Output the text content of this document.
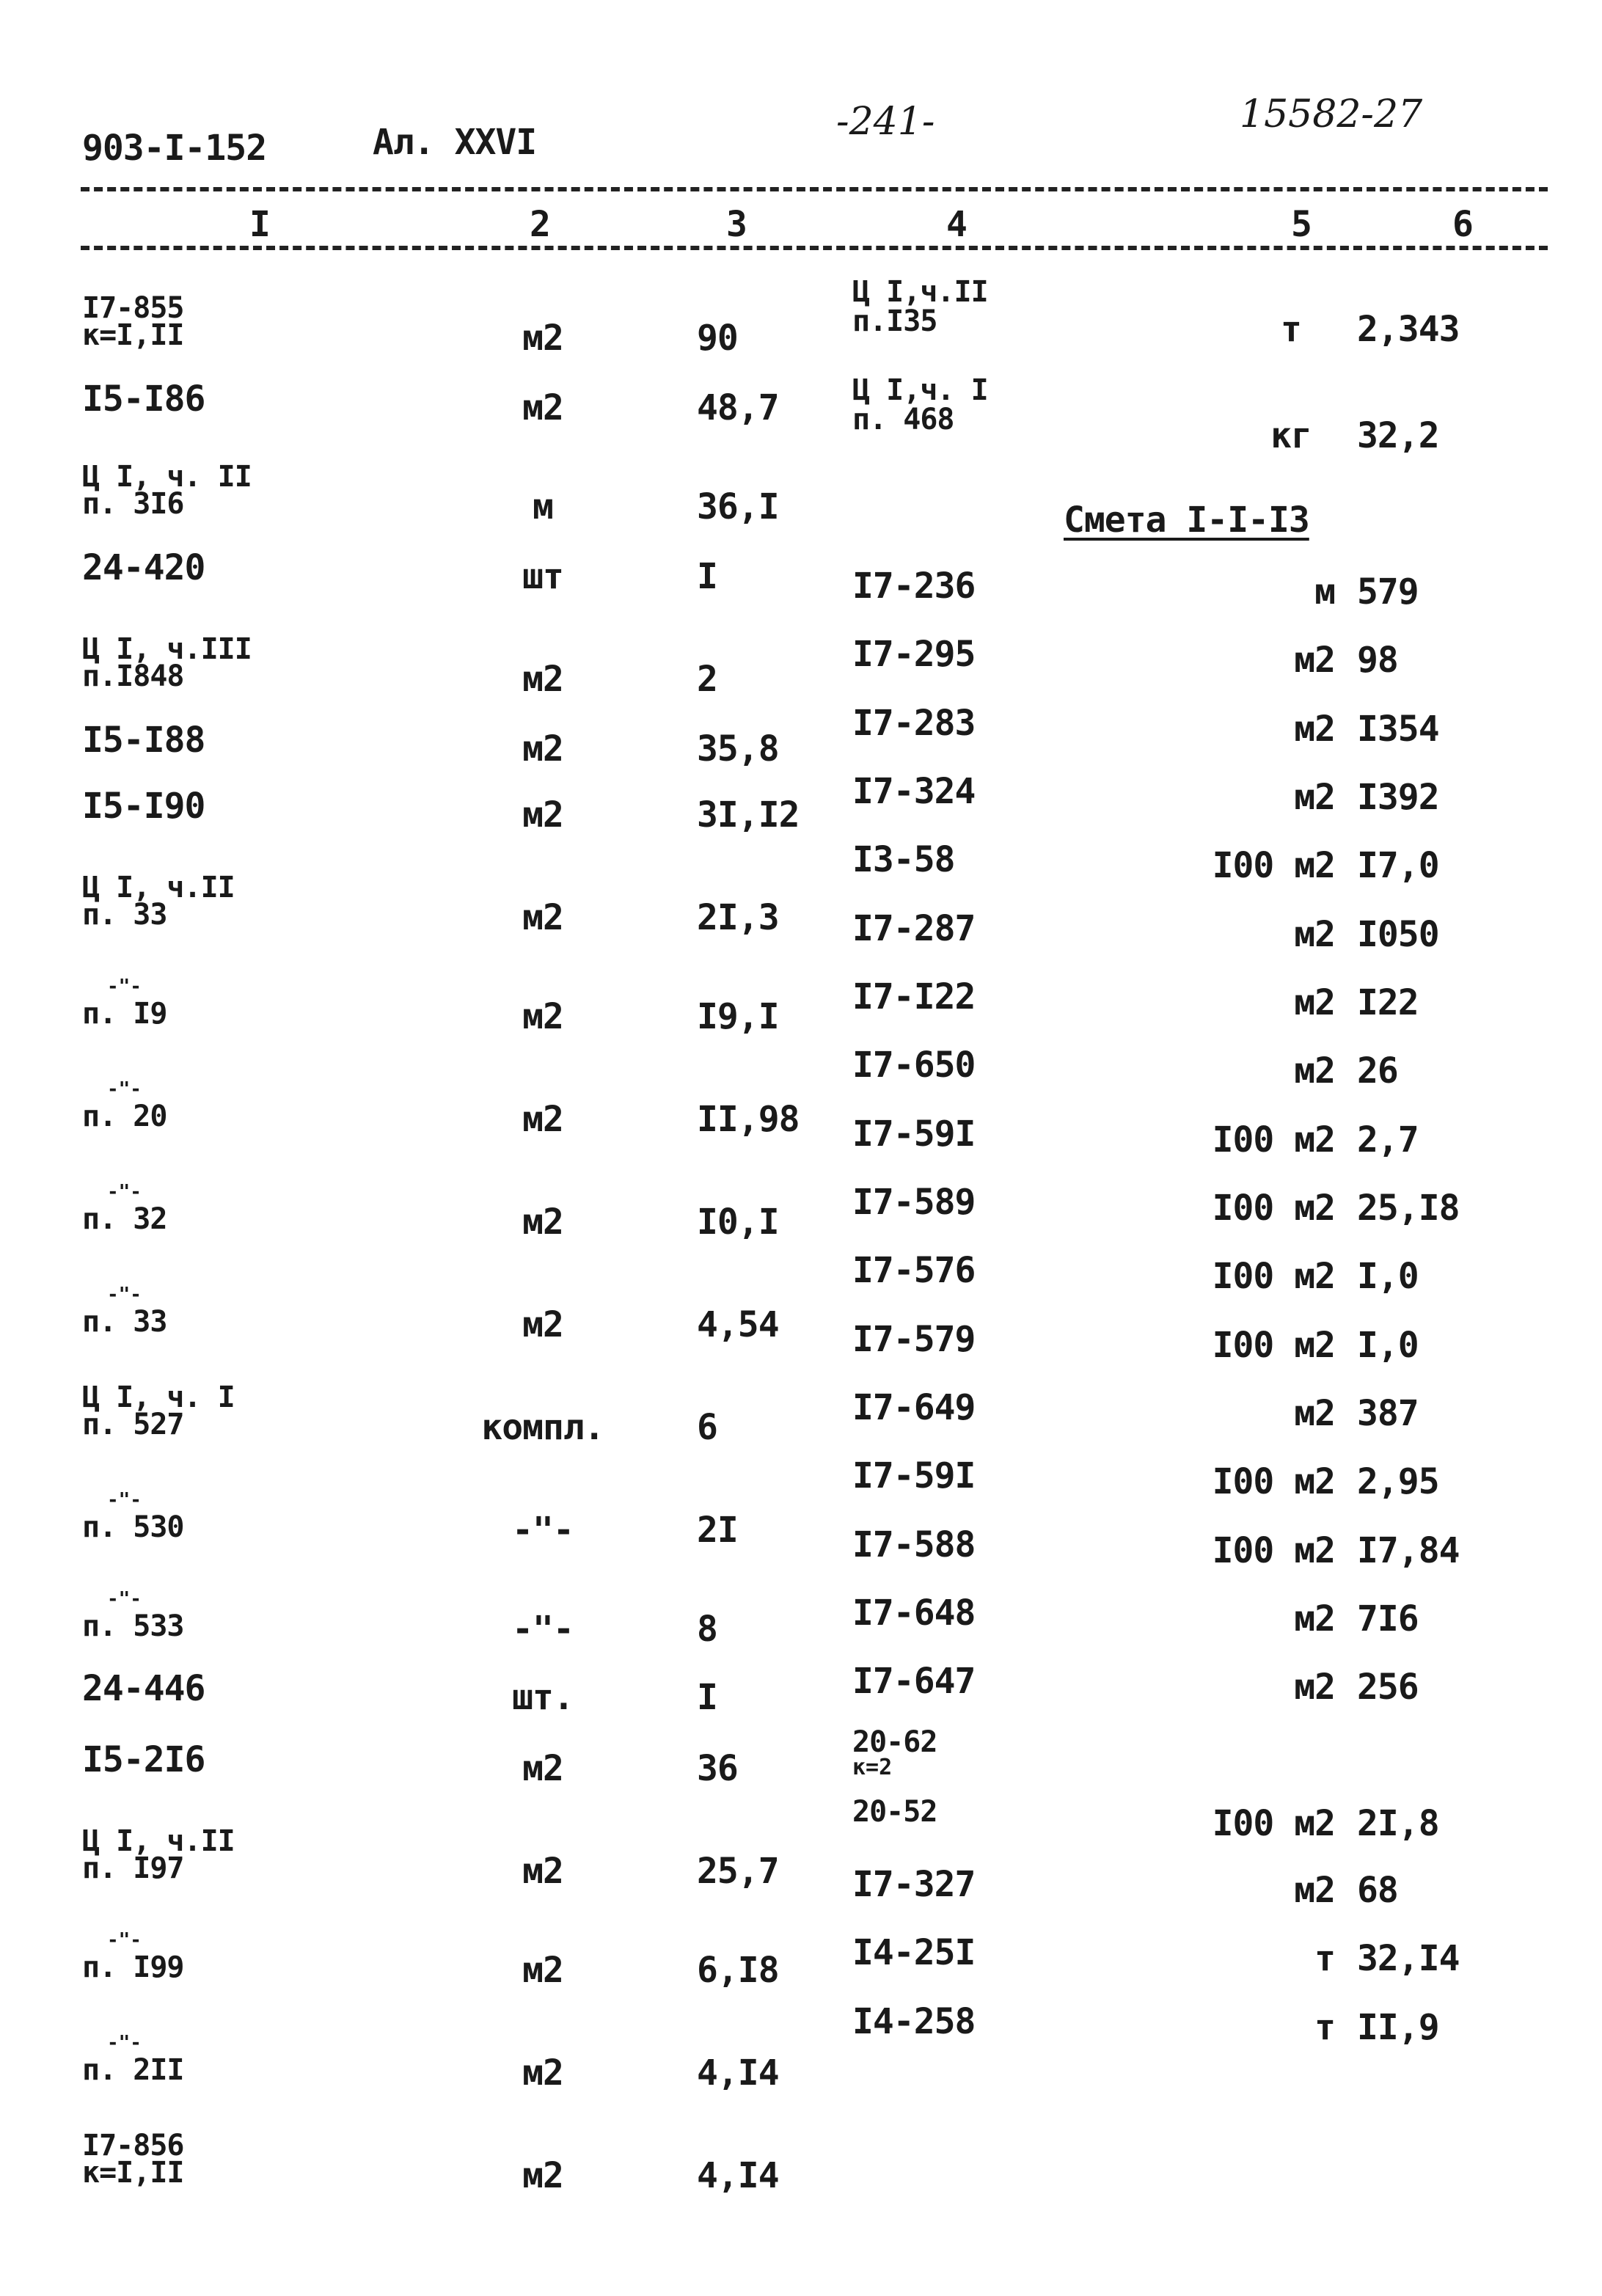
903-I-152	Ал. XXVI	-241-	15582-27
I	2	3	4	5	6
I7-855
к=I,II	м2	90
I5-I86	м2	48,7
Ц I, ч. II
п. 3I6	м	36,I
24-420	шт	I
Ц I, ч.III
п.I848	м2	2
I5-I88	м2	35,8
I5-I90	м2	3I,I2
Ц I, ч.II
п. 33	м2	2I,3
-"-
п. I9	м2	I9,I
-"-
п. 20	м2	II,98
-"-
п. 32	м2	I0,I
-"-
п. 33	м2	4,54
Ц I, ч. I
п. 527	компл.	6
-"-
п. 530	-"-	2I
-"-
п. 533	-"-	8
24-446	шт.	I
I5-2I6	м2	36
Ц I, ч.II
п. I97	м2	25,7
-"-
п. I99	м2	6,I8
-"-
п. 2II	м2	4,I4
I7-856
к=I,II	м2	4,I4
Ц I,ч.II
п.I35	т	2,343
Ц I,ч. I
п. 468	кг	32,2
Смета I-I-I3
20-62
к=2
20-52	I00 м2 2I,8
I7-236	м 579
I7-295	м2 98
I7-283	м2 I354
I7-324	м2 I392
I3-58	I00 м2 I7,0
I7-287	м2 I050
I7-I22	м2 I22
I7-650	м2 26
I7-59I	I00 м2 2,7
I7-589	I00 м2 25,I8
I7-576	I00 м2 I,0
I7-579	I00 м2 I,0
I7-649	м2 387
I7-59I	I00 м2 2,95
I7-588	I00 м2 I7,84
I7-648	м2 7I6
I7-647	м2 256
I7-327	м2 68
I4-25I	т 32,I4
I4-258	т II,9
